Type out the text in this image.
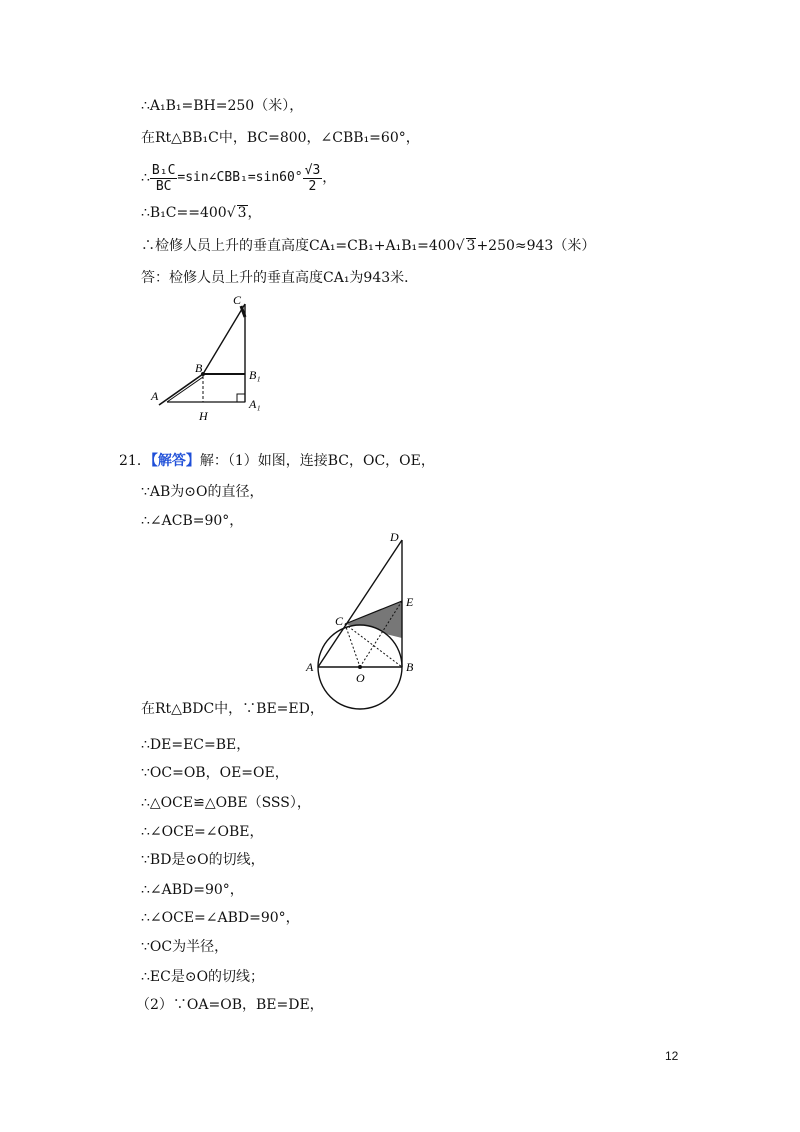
∴A₁B₁=BH=250（米），
在Rt△BB₁C中，BC=800，∠CBB₁=60°，
∴ $\frac{\text{B₁C}}{BC}$ =sin∠CBB₁=sin60° $\frac{√3}{2}$ ，
∴B₁C==400√ 3，
∴检修人员上升的垂直高度CA₁=CB₁+A₁B₁=400√ 3+250≈943（米）
答：检修人员上升的垂直高度CA₁为943米．
C
B	B₁
A
H
A₁
21．【解答】解：（1）如图，连接BC，OC，OE，
∵AB为⊙O的直径，
∴∠ACB=90°，
D
E
C
A
O
B
在Rt△BDC中，∵BE=ED，
∴DE=EC=BE，
∵OC=OB，OE=OE，
∴△OCE≌△OBE（SSS），
∴∠OCE=∠OBE，
∵BD是⊙O的切线，
∴∠ABD=90°，
∴∠OCE=∠ABD=90°，
∵OC为半径，
∴EC是⊙O的切线；
（2）∵OA=OB，BE=DE，
12
